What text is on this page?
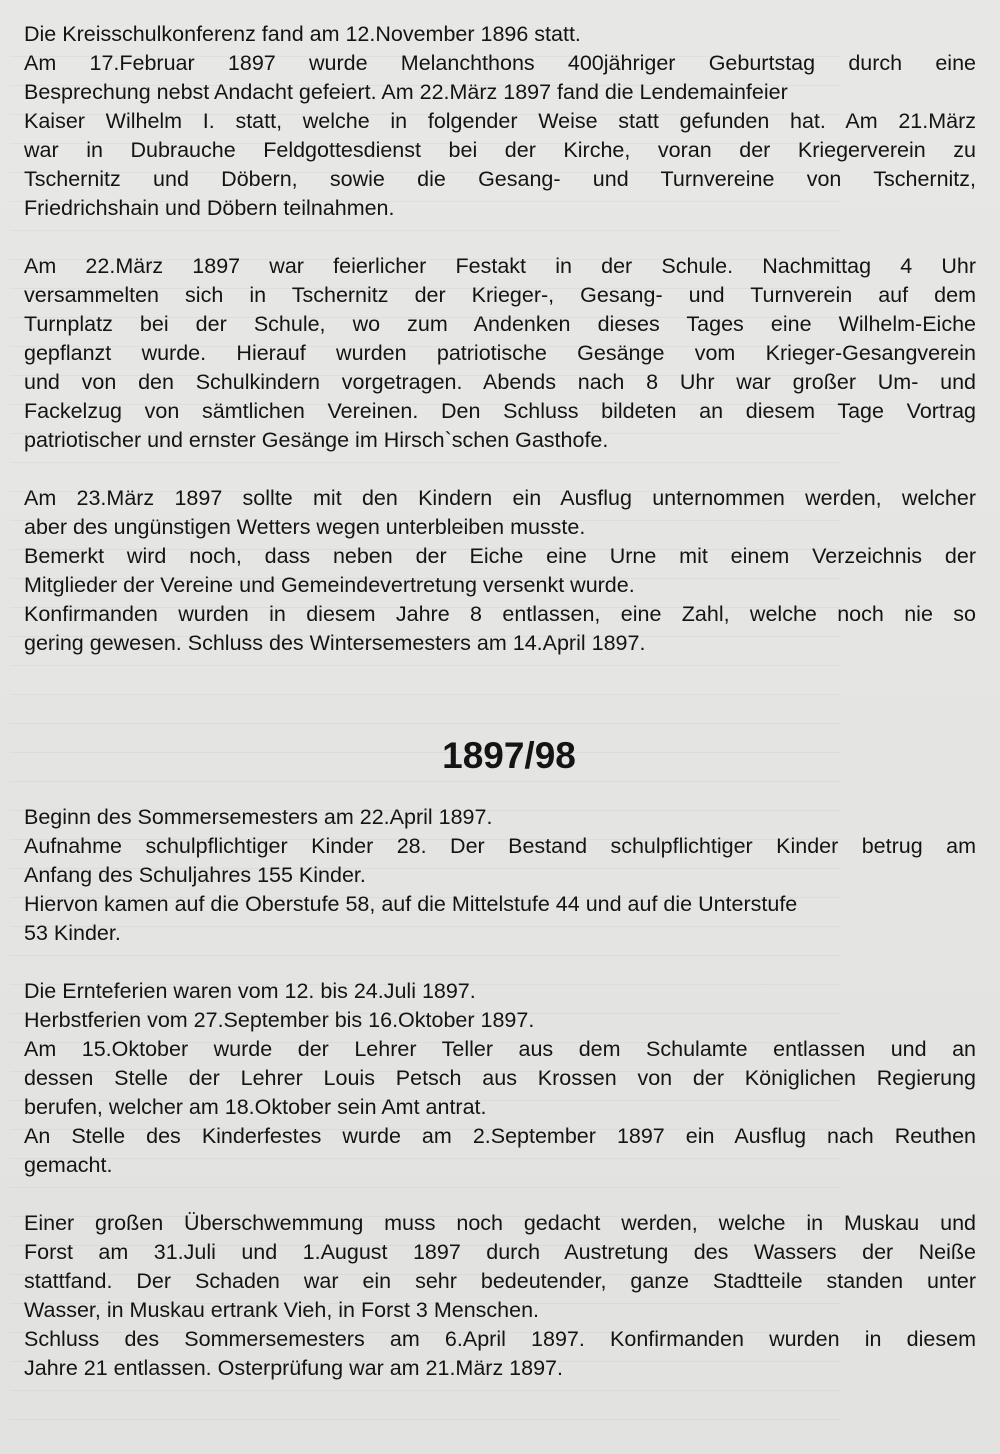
Die Kreisschulkonferenz fand am 12.November 1896 statt.
Am 17.Februar 1897 wurde Melanchthons 400jähriger Geburtstag durch eine
Besprechung nebst Andacht gefeiert. Am 22.März 1897 fand die Lendemainfeier
Kaiser Wilhelm I. statt, welche in folgender Weise statt gefunden hat. Am 21.März
war in Dubrauche Feldgottesdienst bei der Kirche, voran der Kriegerverein zu
Tschernitz und Döbern, sowie die Gesang- und Turnvereine von Tschernitz,
Friedrichshain und Döbern teilnahmen.
Am 22.März 1897 war feierlicher Festakt in der Schule. Nachmittag 4 Uhr
versammelten sich in Tschernitz der Krieger-, Gesang- und Turnverein auf dem
Turnplatz bei der Schule, wo zum Andenken dieses Tages eine Wilhelm-Eiche
gepflanzt wurde. Hierauf wurden patriotische Gesänge vom Krieger-Gesangverein
und von den Schulkindern vorgetragen. Abends nach 8 Uhr war großer Um- und
Fackelzug von sämtlichen Vereinen. Den Schluss bildeten an diesem Tage Vortrag
patriotischer und ernster Gesänge im Hirsch`schen Gasthofe.
Am 23.März 1897 sollte mit den Kindern ein Ausflug unternommen werden, welcher
aber des ungünstigen Wetters wegen unterbleiben musste.
Bemerkt wird noch, dass neben der Eiche eine Urne mit einem Verzeichnis der
Mitglieder der Vereine und Gemeindevertretung versenkt wurde.
Konfirmanden wurden in diesem Jahre 8 entlassen, eine Zahl, welche noch nie so
gering gewesen. Schluss des Wintersemesters am 14.April 1897.
1897/98
Beginn des Sommersemesters am 22.April 1897.
Aufnahme schulpflichtiger Kinder 28. Der Bestand schulpflichtiger Kinder betrug am
Anfang des Schuljahres 155 Kinder.
Hiervon kamen auf die Oberstufe 58, auf die Mittelstufe 44 und auf die Unterstufe
53 Kinder.
Die Ernteferien waren vom 12. bis 24.Juli 1897.
Herbstferien vom 27.September bis 16.Oktober 1897.
Am 15.Oktober wurde der Lehrer Teller aus dem Schulamte entlassen und an
dessen Stelle der Lehrer Louis Petsch aus Krossen von der Königlichen Regierung
berufen, welcher am 18.Oktober sein Amt antrat.
An Stelle des Kinderfestes wurde am 2.September 1897 ein Ausflug nach Reuthen
gemacht.
Einer großen Überschwemmung muss noch gedacht werden, welche in Muskau und
Forst am 31.Juli und 1.August 1897 durch Austretung des Wassers der Neiße
stattfand. Der Schaden war ein sehr bedeutender, ganze Stadtteile standen unter
Wasser, in Muskau ertrank Vieh, in Forst 3 Menschen.
Schluss des Sommersemesters am 6.April 1897. Konfirmanden wurden in diesem
Jahre 21 entlassen. Osterprüfung war am 21.März 1897.
